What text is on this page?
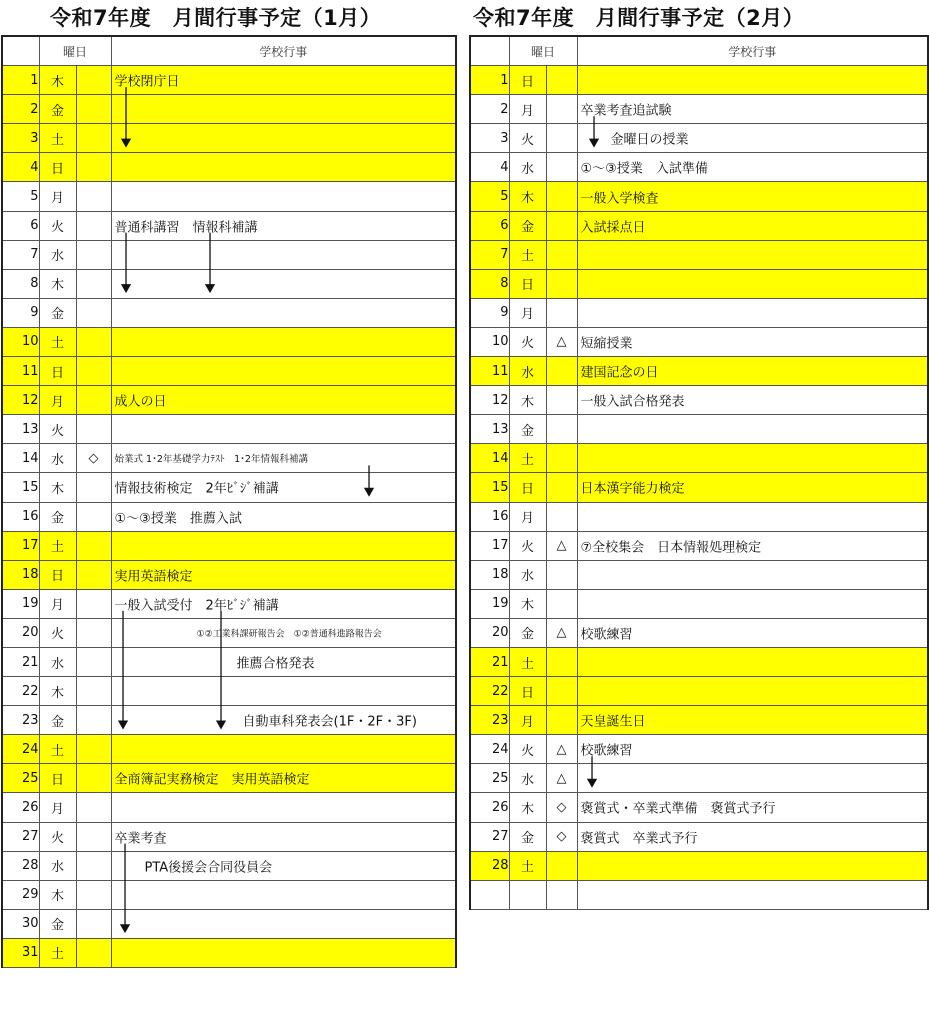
令和7年度　月間行事予定（1月）	令和7年度　月間行事予定（2月）
	曜日		学校行事
1	木		学校閉庁日

2	金		

3	土		

4	日		

5	月		

6	火		普通科講習　情報科補講

7	水		

8	木		

9	金		

10	土		

11	日		

12	月		成人の日

13	火		

14	水	◇	始業式 1･2年基礎学力ﾃｽﾄ　1･2年情報科補講

15	木		情報技術検定　2年ﾋﾞｼﾞ補講

16	金		①～③授業　推薦入試

17	土		

18	日		実用英語検定

19	月		一般入試受付　2年ﾋﾞｼﾞ補講

20	火		①②工業科課研報告会　①②普通科進路報告会

21	水		推薦合格発表

22	木		

23	金		自動車科発表会(1F・2F・3F)

24	土		

25	日		全商簿記実務検定　実用英語検定

26	月		

27	火		卒業考査

28	水		PTA後援会合同役員会

29	木		

30	金		

31	土		
	曜日		学校行事
1	日		

2	月		卒業考査追試験

3	火		金曜日の授業

4	水		①～③授業　入試準備

5	木		一般入学検査

6	金		入試採点日

7	土		

8	日		

9	月		

10	火	△	短縮授業

11	水		建国記念の日

12	木		一般入試合格発表

13	金		

14	土		

15	日		日本漢字能力検定

16	月		

17	火	△	⑦全校集会　日本情報処理検定

18	水		

19	木		

20	金	△	校歌練習

21	土		

22	日		

23	月		天皇誕生日

24	火	△	校歌練習

25	水	△	

26	木	◇	褒賞式・卒業式準備　褒賞式予行

27	金	◇	褒賞式　卒業式予行

28	土		
